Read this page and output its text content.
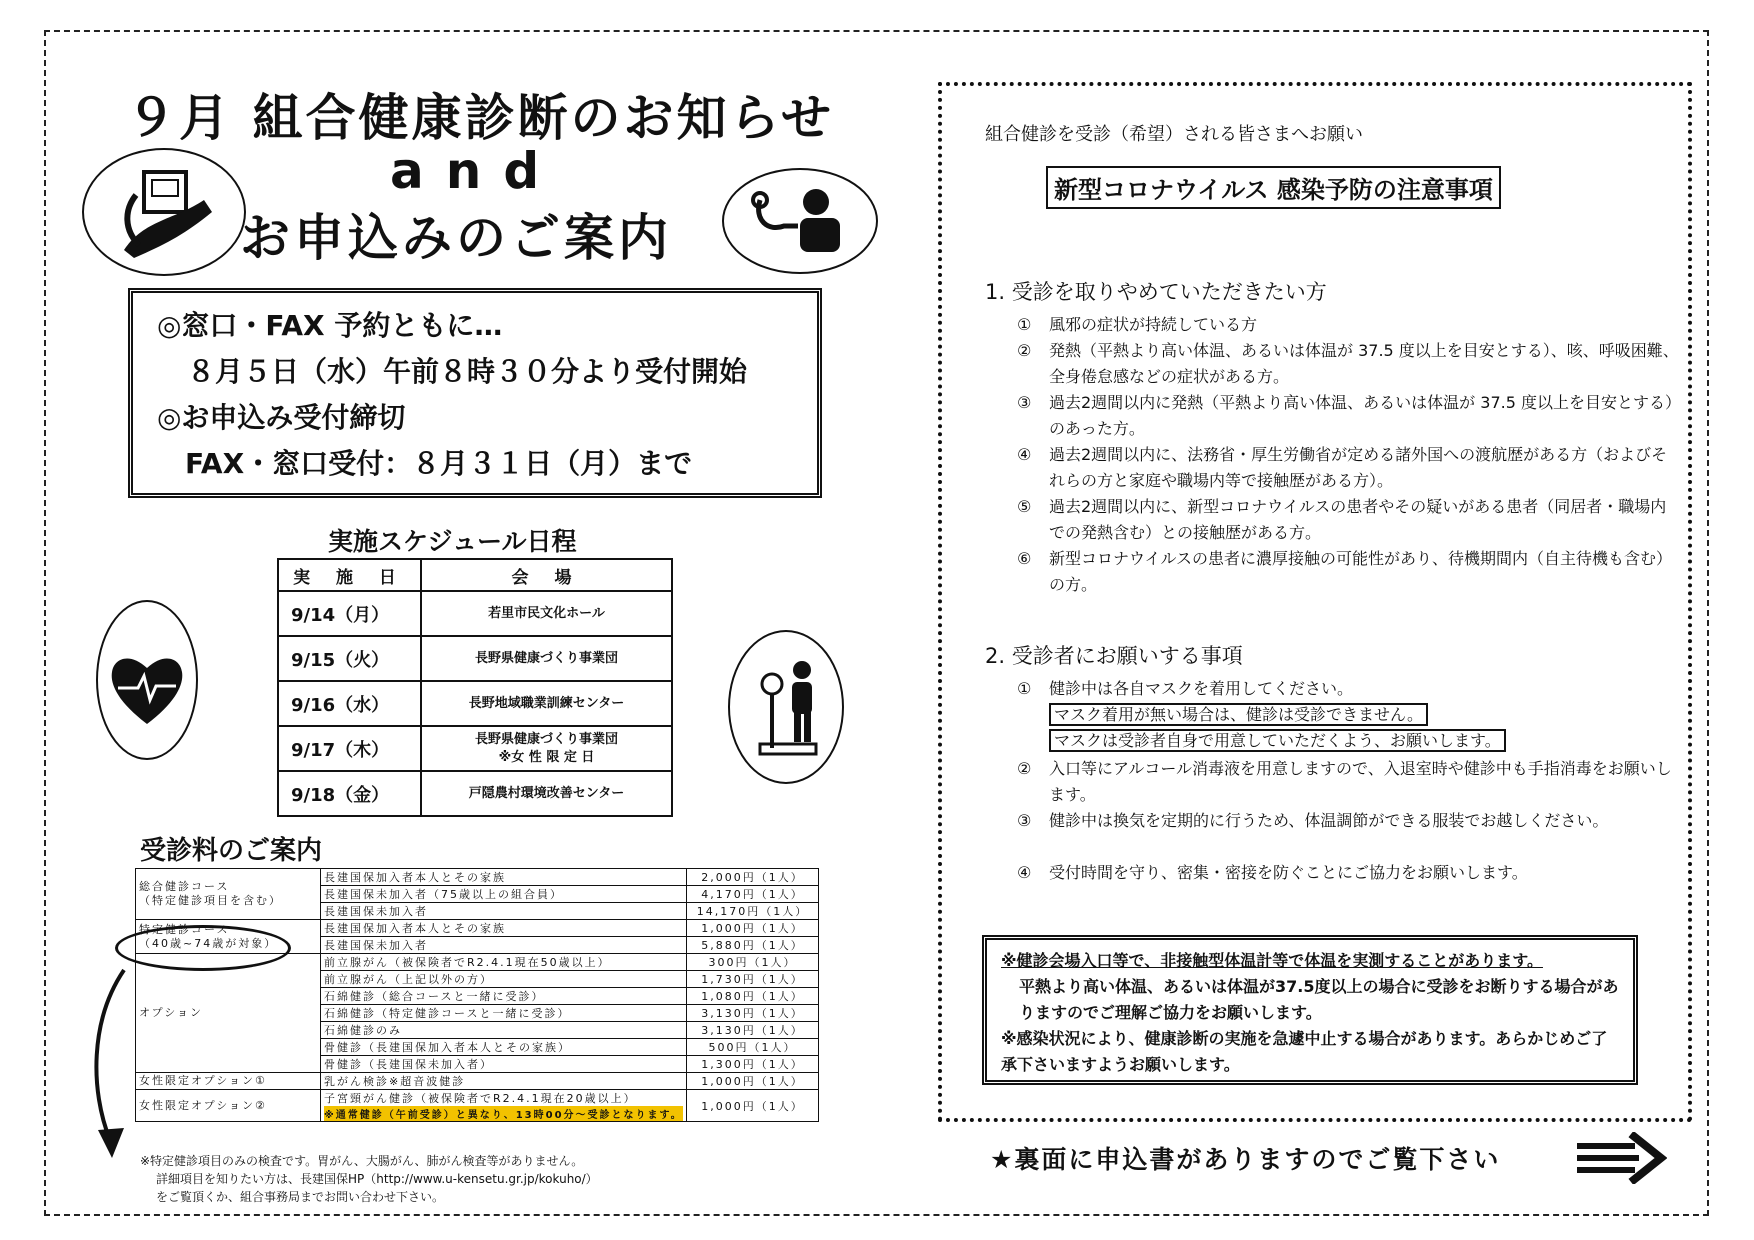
９月 組合健康診断のお知らせ
and
お申込みのご案内
◎窓口・FAX 予約ともに…
８月５日（水）午前８時３０分より受付開始
◎お申込み受付締切
FAX・窓口受付：８月３１日（月）まで
実施スケジュール日程
実 施 日	会 場
9/14（月）	若里市民文化ホール
9/15（火）	長野県健康づくり事業団
9/16（水）	長野地域職業訓練センター
9/17（木）	長野県健康づくり事業団
※女 性 限 定 日

9/18（金）	戸隠農村環境改善センター
受診料のご案内
総合健診コース
（特定健診項目を含む）	長建国保加入者本人とその家族	2,000円（1人）
	長建国保未加入者（75歳以上の組合員）	4,170円（1人）
	長建国保未加入者	14,170円（1人）
特定健診コース
（40歳~74歳が対象）	長建国保加入者本人とその家族	1,000円（1人）
	長建国保未加入者	5,880円（1人）
オプション	前立腺がん（被保険者でR2.4.1現在50歳以上）	300円（1人）
	前立腺がん（上記以外の方）	1,730円（1人）
	石綿健診（総合コースと一緒に受診）	1,080円（1人）
	石綿健診（特定健診コースと一緒に受診）	3,130円（1人）
	石綿健診のみ	3,130円（1人）
	骨健診（長建国保加入者本人とその家族）	500円（1人）
	骨健診（長建国保未加入者）	1,300円（1人）
女性限定オプション①	乳がん検診※超音波健診	1,000円（1人）
女性限定オプション②	子宮頸がん健診（被保険者でR2.4.1現在20歳以上）
※通常健診（午前受診）と異なり、13時00分～受診となります。	1,000円（1人）
※特定健診項目のみの検査です。胃がん、大腸がん、肺がん検査等がありません。
詳細項目を知りたい方は、長建国保HP（http://www.u-kensetu.gr.jp/kokuho/）
をご覧頂くか、組合事務局までお問い合わせ下さい。
組合健診を受診（希望）される皆さまへお願い
新型コロナウイルス 感染予防の注意事項
1. 受診を取りやめていただきたい方
① 風邪の症状が持続している方
② 発熱（平熱より高い体温、あるいは体温が 37.5 度以上を目安とする）、咳、呼吸困難、全身倦怠感などの症状がある方。
③ 過去2週間以内に発熱（平熱より高い体温、あるいは体温が 37.5 度以上を目安とする）のあった方。
④ 過去2週間以内に、法務省・厚生労働省が定める諸外国への渡航歴がある方（およびそれらの方と家庭や職場内等で接触歴がある方）。
⑤ 過去2週間以内に、新型コロナウイルスの患者やその疑いがある患者（同居者・職場内での発熱含む）との接触歴がある方。
⑥ 新型コロナウイルスの患者に濃厚接触の可能性があり、待機期間内（自主待機も含む）の方。
2. 受診者にお願いする事項
① 健診中は各自マスクを着用してください。
マスク着用が無い場合は、健診は受診できません。
マスクは受診者自身で用意していただくよう、お願いします。
② 入口等にアルコール消毒液を用意しますので、入退室時や健診中も手指消毒をお願いします。
③ 健診中は換気を定期的に行うため、体温調節ができる服装でお越しください。
④ 受付時間を守り、密集・密接を防ぐことにご協力をお願いします。
※健診会場入口等で、非接触型体温計等で体温を実測することがあります。
平熱より高い体温、あるいは体温が37.5度以上の場合に受診をお断りする場合がありますのでご理解ご協力をお願いします。
※感染状況により、健康診断の実施を急遽中止する場合があります。あらかじめご了承下さいますようお願いします。
★裏面に申込書がありますのでご覧下さい
